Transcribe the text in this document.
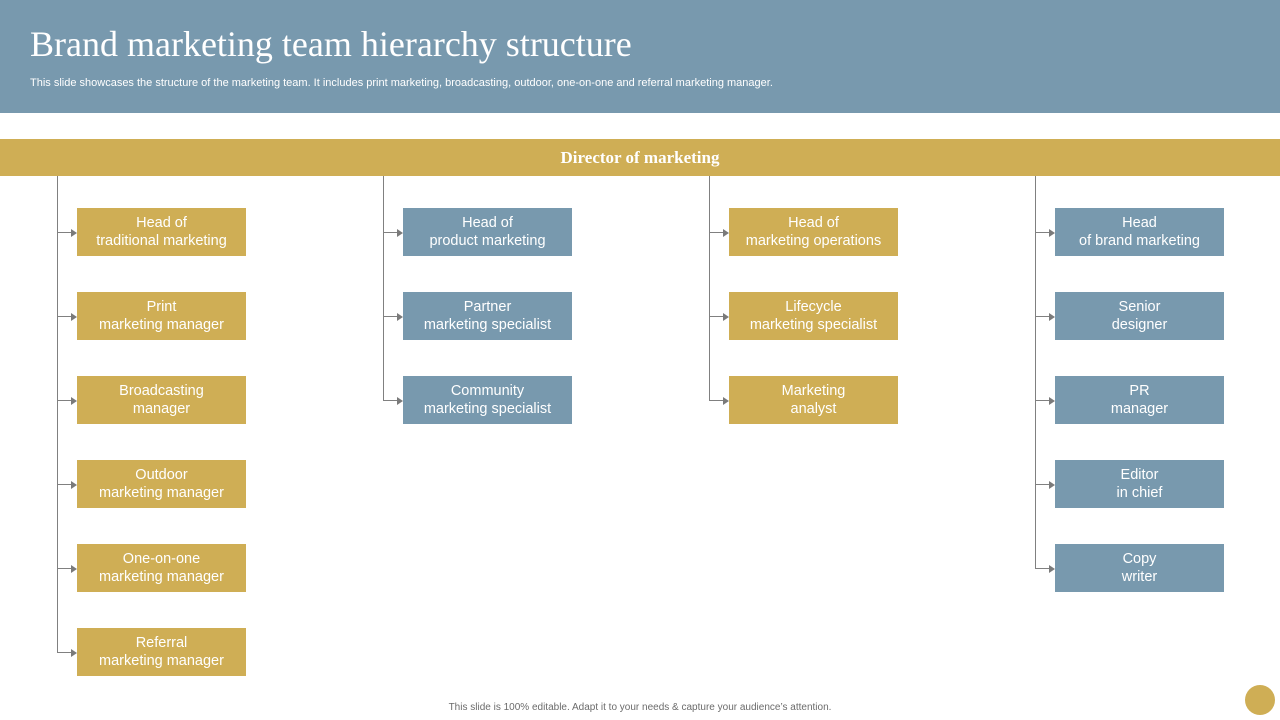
Brand marketing team hierarchy structure

This slide showcases the structure of the marketing team. It includes print marketing, broadcasting, outdoor, one-on-one and referral marketing manager.

Director of marketing
Head of
traditional marketing
Print
marketing manager
Broadcasting
manager
Outdoor
marketing manager
One-on-one
marketing manager
Referral
marketing manager
Head of
product marketing
Partner
marketing specialist
Community
marketing specialist
Head of
marketing operations
Lifecycle
marketing specialist
Marketing
analyst
Head
of brand marketing
Senior
designer
PR
manager
Editor
in chief
Copy
writer
This slide is 100% editable. Adapt it to your needs & capture your audience’s attention.
